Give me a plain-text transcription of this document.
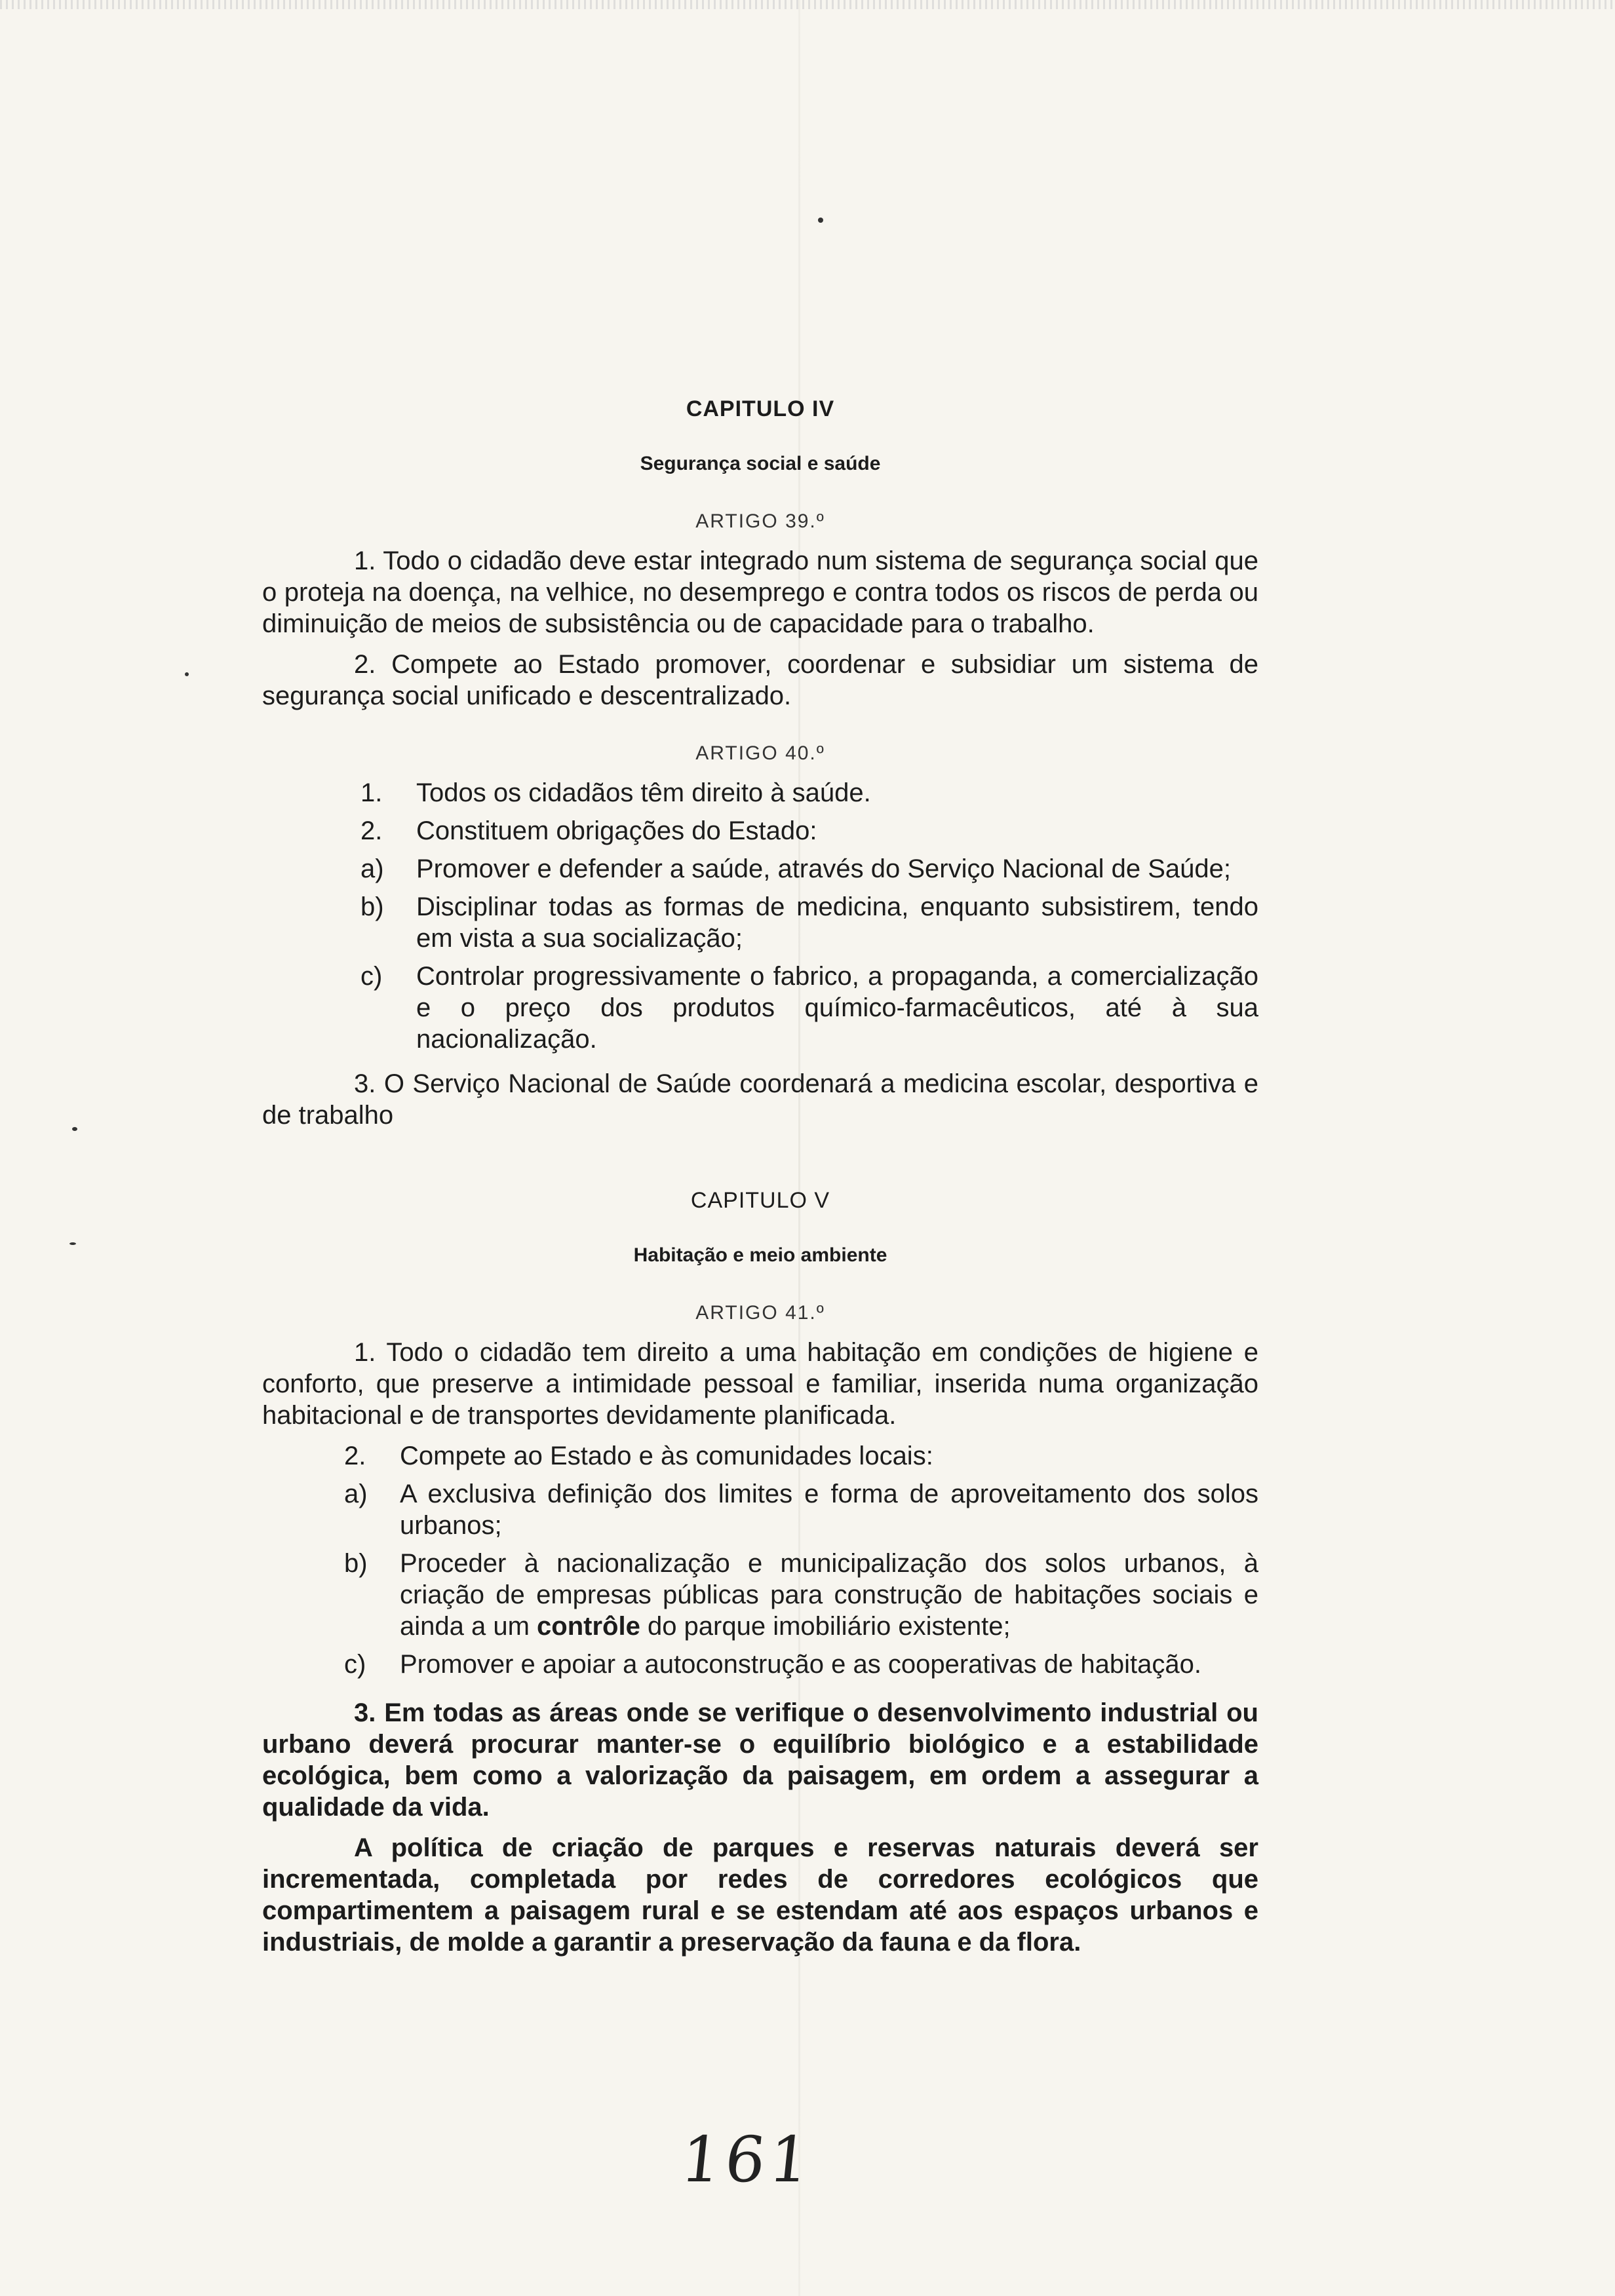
CAPITULO IV
Segurança social e saúde
ARTIGO 39.º

1. Todo o cidadão deve estar integrado num sistema de segurança social que o proteja na doença, na velhice, no desemprego e contra todos os riscos de perda ou diminuição de meios de subsistência ou de capacidade para o trabalho.

2. Compete ao Estado promover, coordenar e subsidiar um sistema de segurança social unificado e descentralizado.

ARTIGO 40.º
1.	Todos os cidadãos têm direito à saúde.
2.	Constituem obrigações do Estado:
a)	Promover e defender a saúde, através do Serviço Nacional de Saúde;
b)	Disciplinar todas as formas de medicina, enquanto subsistirem, tendo em vista a sua socialização;
c)	Controlar progressivamente o fabrico, a propaganda, a comercialização e o preço dos produtos químico-farmacêuticos, até à sua nacionalização.

3. O Serviço Nacional de Saúde coordenará a medicina escolar, desportiva e de trabalho

CAPITULO V
Habitação e meio ambiente
ARTIGO 41.º

1. Todo o cidadão tem direito a uma habitação em condições de higiene e conforto, que preserve a intimidade pessoal e familiar, inserida numa organização habitacional e de transportes devidamente planificada.

2.	Compete ao Estado e às comunidades locais:
a)	A exclusiva definição dos limites e forma de aproveitamento dos solos urbanos;
b)	Proceder à nacionalização e municipalização dos solos urbanos, à criação de empresas públicas para construção de habitações sociais e ainda a um contrôle do parque imobiliário existente;
c)	Promover e apoiar a autoconstrução e as cooperativas de habitação.

3. Em todas as áreas onde se verifique o desenvolvimento industrial ou urbano deverá procurar manter-se o equilíbrio biológico e a estabilidade ecológica, bem como a valorização da paisagem, em ordem a assegurar a qualidade da vida.

A política de criação de parques e reservas naturais deverá ser incrementada, completada por redes de corredores ecológicos que compartimentem a paisagem rural e se estendam até aos espaços urbanos e industriais, de molde a garantir a preservação da fauna e da flora.

161
